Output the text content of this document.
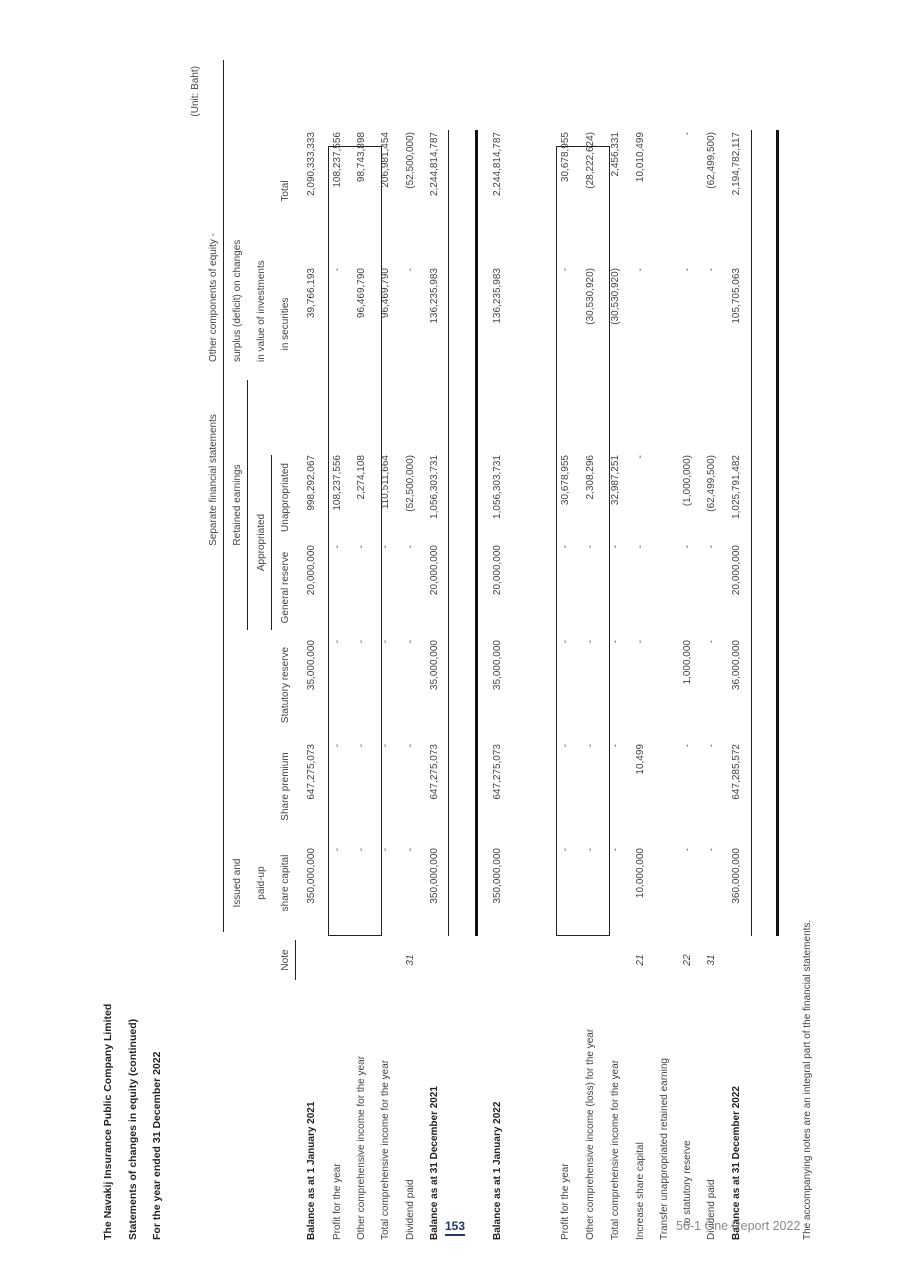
The Navakij Insurance Public Company Limited Statements of changes in equity (continued) For the year ended 31 December 2022
(Unit: Baht)
Separate financial statements Retained earnings Appropriated
Other components of equity - surplus (deficit) on changes in value of investments
Issued and paid-up
Note
share capital
Share premium
Statutory reserve
General reserve
Unappropriated
in securities
Total
Balance as at 1 January 2021
350,000,000
647,275,073
35,000,000
20,000,000
998,292,067
39,766,193
2,090,333,333
Profit for the year
-
-
-
-
108,237,556
-
108,237,556
Other comprehensive income for the year
-
-
-
-
2,274,108
96,469,790
98,743,898
Total comprehensive income for the year
-
-
-
-
110,511,664
96,469,790
206,981,454
Dividend paid
31
-
-
-
-
(52,500,000)
-
(52,500,000)
Balance as at 31 December 2021
350,000,000
647,275,073
35,000,000
20,000,000
1,056,303,731
136,235,983
2,244,814,787
Balance as at 1 January 2022
350,000,000
647,275,073
35,000,000
20,000,000
1,056,303,731
136,235,983
2,244,814,787
Profit for the year
-
-
-
-
30,678,955
-
30,678,955
Other comprehensive income (loss) for the year
-
-
-
-
2,308,296
(30,530,920)
(28,222,624)
Total comprehensive income for the year
-
-
-
-
32,987,251
(30,530,920)
2,456,331
Increase share capital
21
10,000,000
10,499
-
-
-
-
10,010,499
Transfer unappropriated retained earning to statutory reserve
22
-
-
1,000,000
-
(1,000,000)
-
-
Dividend paid
31
-
-
-
-
(62,499,500)
-
(62,499,500)
Balance as at 31 December 2022
360,000,000
647,285,572
36,000,000
20,000,000
1,025,791,482
105,705,063
2,194,782,117
The accompanying notes are an integral part of the financial statements.
153	56-1 One Report 2022
